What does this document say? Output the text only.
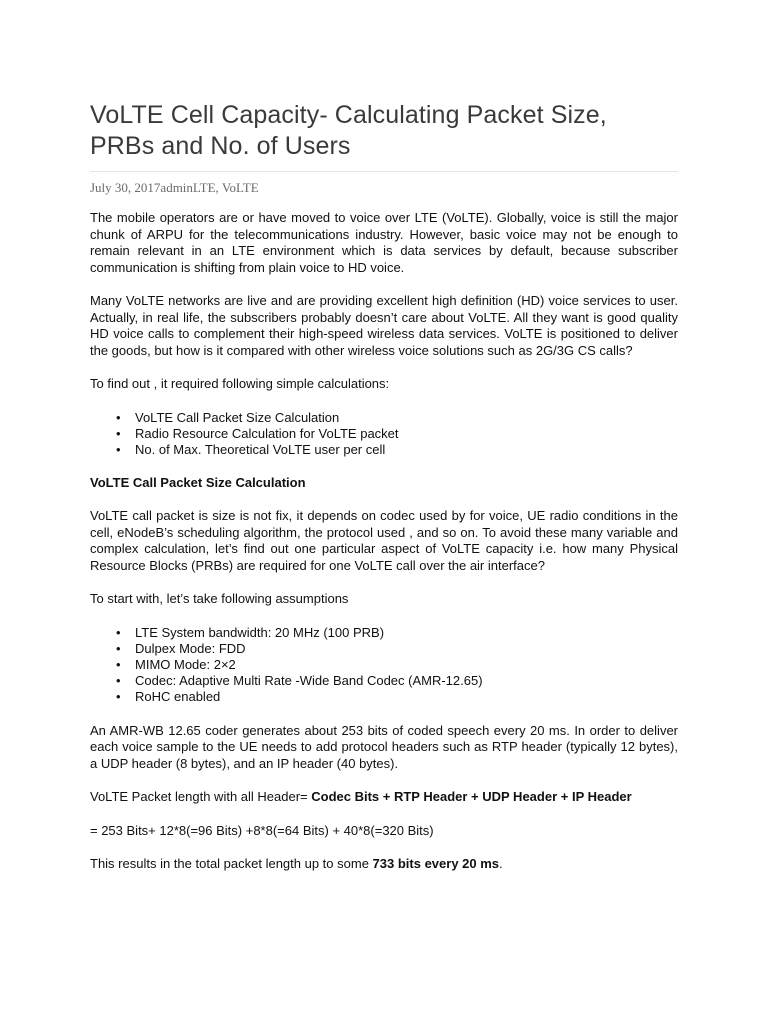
VoLTE Cell Capacity- Calculating Packet Size, PRBs and No. of Users
July 30, 2017adminLTE, VoLTE

The mobile operators are or have moved to voice over LTE (VoLTE). Globally, voice is still the major chunk of ARPU for the telecommunications industry. However, basic voice may not be enough to remain relevant in an LTE environment which is data services by default, because subscriber communication is shifting from plain voice to HD voice.

Many VoLTE networks are live and are providing excellent high definition (HD) voice services to user. Actually, in real life, the subscribers probably doesn’t care about VoLTE. All they want is good quality HD voice calls to complement their high-speed wireless data services. VoLTE is positioned to deliver the goods, but how is it compared with other wireless voice solutions such as 2G/3G CS calls?

To find out , it required following simple calculations:

• VoLTE Call Packet Size Calculation
• Radio Resource Calculation for VoLTE packet
• No. of Max. Theoretical VoLTE user per cell
VoLTE Call Packet Size Calculation

VoLTE call packet is size is not fix, it depends on codec used by for voice, UE radio conditions in the cell, eNodeB’s scheduling algorithm, the protocol used , and so on. To avoid these many variable and complex calculation, let’s find out one particular aspect of VoLTE capacity i.e. how many Physical Resource Blocks (PRBs) are required for one VoLTE call over the air interface?

To start with, let’s take following assumptions

• LTE System bandwidth: 20 MHz (100 PRB)
• Dulpex Mode: FDD
• MIMO Mode: 2×2
• Codec: Adaptive Multi Rate -Wide Band Codec (AMR-12.65)
• RoHC enabled

An AMR-WB 12.65 coder generates about 253 bits of coded speech every 20 ms. In order to deliver each voice sample to the UE needs to add protocol headers such as RTP header (typically 12 bytes), a UDP header (8 bytes), and an IP header (40 bytes).

VoLTE Packet length with all Header= Codec Bits + RTP Header + UDP Header + IP Header

= 253 Bits+ 12*8(=96 Bits) +8*8(=64 Bits) + 40*8(=320 Bits)

This results in the total packet length up to some 733 bits every 20 ms.
